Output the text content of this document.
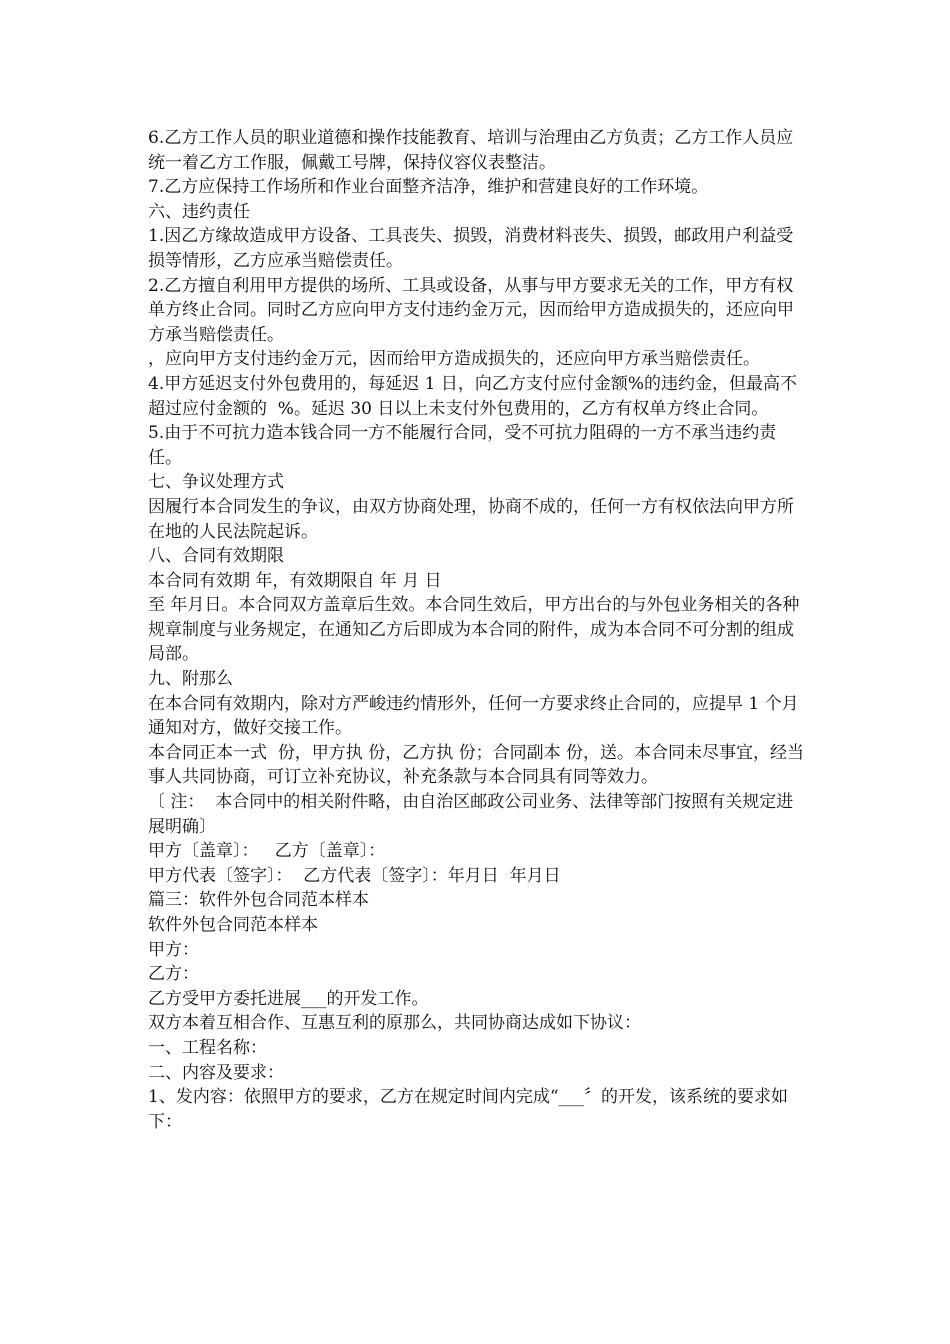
6.乙方工作人员的职业道德和操作技能教育、培训与治理由乙方负责；乙方工作人员应统一着乙方工作服，佩戴工号牌，保持仪容仪表整洁。

7.乙方应保持工作场所和作业台面整齐洁净，维护和营建良好的工作环境。

六、违约责任

1.因乙方缘故造成甲方设备、工具丧失、损毁，消费材料丧失、损毁，邮政用户利益受损等情形，乙方应承当赔偿责任。

2.乙方擅自利用甲方提供的场所、工具或设备，从事与甲方要求无关的工作，甲方有权单方终止合同。同时乙方应向甲方支付违约金万元，因而给甲方造成损失的，还应向甲方承当赔偿责任。

，应向甲方支付违约金万元，因而给甲方造成损失的，还应向甲方承当赔偿责任。

4.甲方延迟支付外包费用的，每延迟 1 日，向乙方支付应付金额%的违约金，但最高不超过应付金额的  %。延迟 30 日以上未支付外包费用的，乙方有权单方终止合同。

5.由于不可抗力造本钱合同一方不能履行合同，受不可抗力阻碍的一方不承当违约责任。

七、争议处理方式

因履行本合同发生的争议，由双方协商处理，协商不成的，任何一方有权依法向甲方所在地的人民法院起诉。

八、合同有效期限

本合同有效期 年，有效期限自 年 月 日

至 年月日。本合同双方盖章后生效。本合同生效后，甲方出台的与外包业务相关的各种规章制度与业务规定，在通知乙方后即成为本合同的附件，成为本合同不可分割的组成局部。

九、附那么

在本合同有效期内，除对方严峻违约情形外，任何一方要求终止合同的，应提早 1 个月通知对方，做好交接工作。

本合同正本一式  份，甲方执 份，乙方执 份；合同副本 份，送。本合同未尽事宜，经当事人共同协商，可订立补充协议，补充条款与本合同具有同等效力。

〔 注：  本合同中的相关附件略，由自治区邮政公司业务、法律等部门按照有关规定进展明确〕

甲方〔盖章〕：   乙方〔盖章〕：

甲方代表〔签字〕：  乙方代表〔签字〕：年月日  年月日

篇三：软件外包合同范本样本

软件外包合同范本样本

甲方：

乙方：

乙方受甲方委托进展___的开发工作。

双方本着互相合作、互惠互利的原那么，共同协商达成如下协议：

一、工程名称：

二、内容及要求：

1、发内容：依照甲方的要求，乙方在规定时间内完成“___〞的开发，该系统的要求如下：
